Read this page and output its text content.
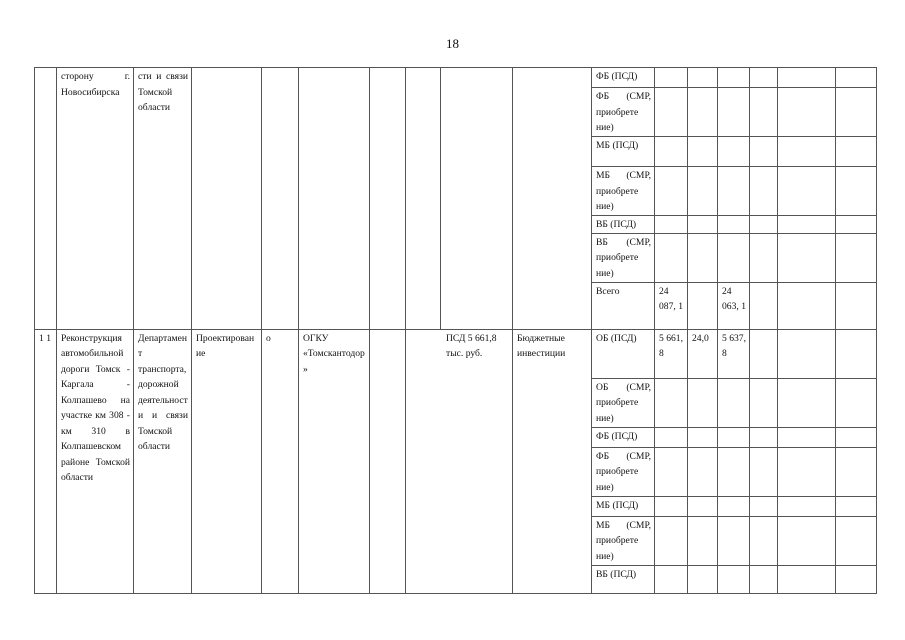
18
	сторону г. Новосибирска	сти и связи Томской области								ФБ (ПСД)						
										ФБ (СМР, приобрете ние)						
										МБ (ПСД)						
										МБ (СМР, приобрете ние)						
										ВБ (ПСД)						
										ВБ (СМР, приобрете ние)						
										Всего	24 087, 1		24 063, 1			
1 1	Реконструкция автомобильной дороги Томск - Каргала - Колпашево на участке км 308 - км 310 в Колпашевском районе Томской области	Департамент транспорта, дорожной деятельности и связи Томской области	Проектирование	о	ОГКУ «Томскантодор»		ПСД 5 661,8 тыс. руб.		Бюджетные инвестиции	ОБ (ПСД)	5 661, 8	24,0	5 637, 8			
										ОБ (СМР, приобрете ние)						
										ФБ (ПСД)						
										ФБ (СМР, приобрете ние)						
										МБ (ПСД)						
										МБ (СМР, приобрете ние)						
										ВБ (ПСД)						
